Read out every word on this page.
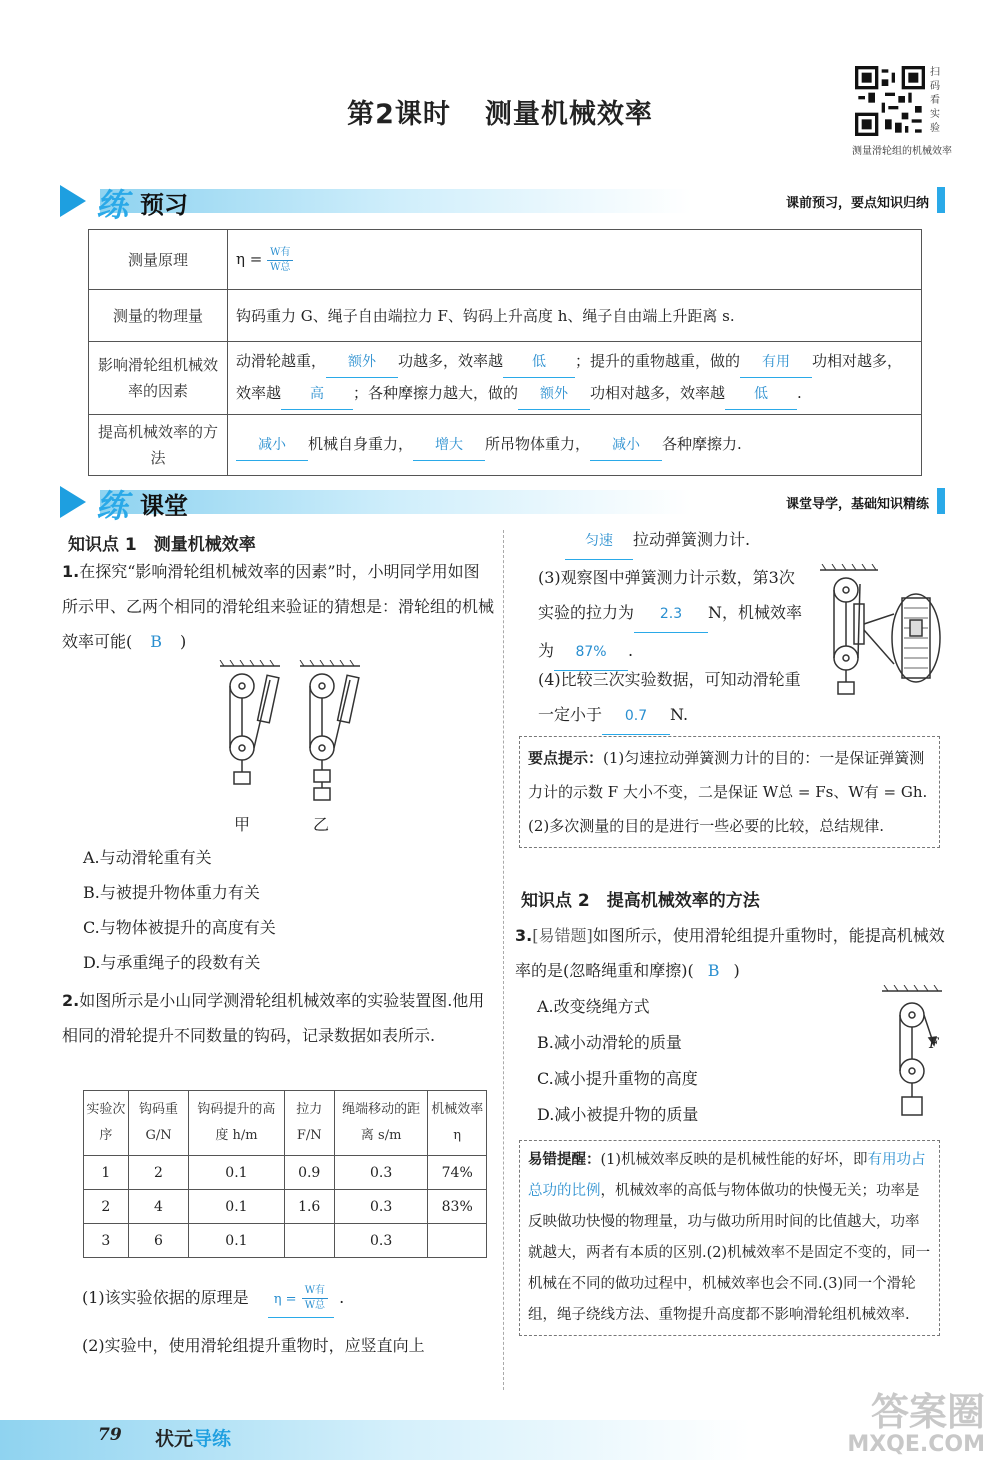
第2课时 测量机械效率
扫码看实验
测量滑轮组的机械效率
练 预习	课前预习，要点知识归纳
测量原理	$\eta = \frac{\text{W有}}{\text{W总}}$

测量的物理量	钩码重力 G、绳子自由端拉力 F、钩码上升高度 h、绳子自由端上升距离 s.
影响滑轮组机械效率的因素	动滑轮越重， 额外 功越多，效率越 低 ；提升的重物越重，做的 有用 功相对越多，效率越 高 ；各种摩擦力越大，做的 额外 功相对越多，效率越 低 .
提高机械效率的方法	减小 机械自身重力， 增大 所吊物体重力， 减小 各种摩擦力.
练 课堂	课堂导学，基础知识精练
知识点 1　测量机械效率
1.在探究“影响滑轮组机械效率的因素”时，小明同学用如图所示甲、乙两个相同的滑轮组来验证的猜想是：滑轮组的机械效率可能( B )
甲	乙
A.与动滑轮重有关
B.与被提升物体重力有关
C.与物体被提升的高度有关
D.与承重绳子的段数有关
2.如图所示是小山同学测滑轮组机械效率的实验装置图.他用相同的滑轮提升不同数量的钩码，记录数据如表所示.
实验次序	钩码重 G/N	钩码提升的高度 h/m	拉力 F/N	绳端移动的距离 s/m	机械效率 η
1	2	0.1	0.9	0.3	74%
2	4	0.1	1.6	0.3	83%
3	6	0.1		0.3	
(1)该实验依据的原理是 $\eta = \frac{\text{W有}}{\text{W总}}$ .
(2)实验中，使用滑轮组提升重物时，应竖直向上
匀速 拉动弹簧测力计.
(3)观察图中弹簧测力计示数，第3次实验的拉力为 2.3 N，机械效率为 87% .
(4)比较三次实验数据，可知动滑轮重一定小于 0.7 N.
要点提示：(1)匀速拉动弹簧测力计的目的：一是保证弹簧测力计的示数 F 大小不变，二是保证 W总 = Fs、W有 = Gh.(2)多次测量的目的是进行一些必要的比较，总结规律.
知识点 2　提高机械效率的方法
3.[易错题]如图所示，使用滑轮组提升重物时，能提高机械效率的是(忽略绳重和摩擦)( B )
F
A.改变绕绳方式
B.减小动滑轮的质量
C.减小提升重物的高度
D.减小被提升物的质量
易错提醒：(1)机械效率反映的是机械性能的好坏，即有用功占总功的比例，机械效率的高低与物体做功的快慢无关；功率是反映做功快慢的物理量，功与做功所用时间的比值越大，功率就越大，两者有本质的区别.(2)机械效率不是固定不变的，同一机械在不同的做功过程中，机械效率也会不同.(3)同一个滑轮组，绳子绕线方法、重物提升高度都不影响滑轮组机械效率.
79 状元导练
答案圈
MXQE.COM
